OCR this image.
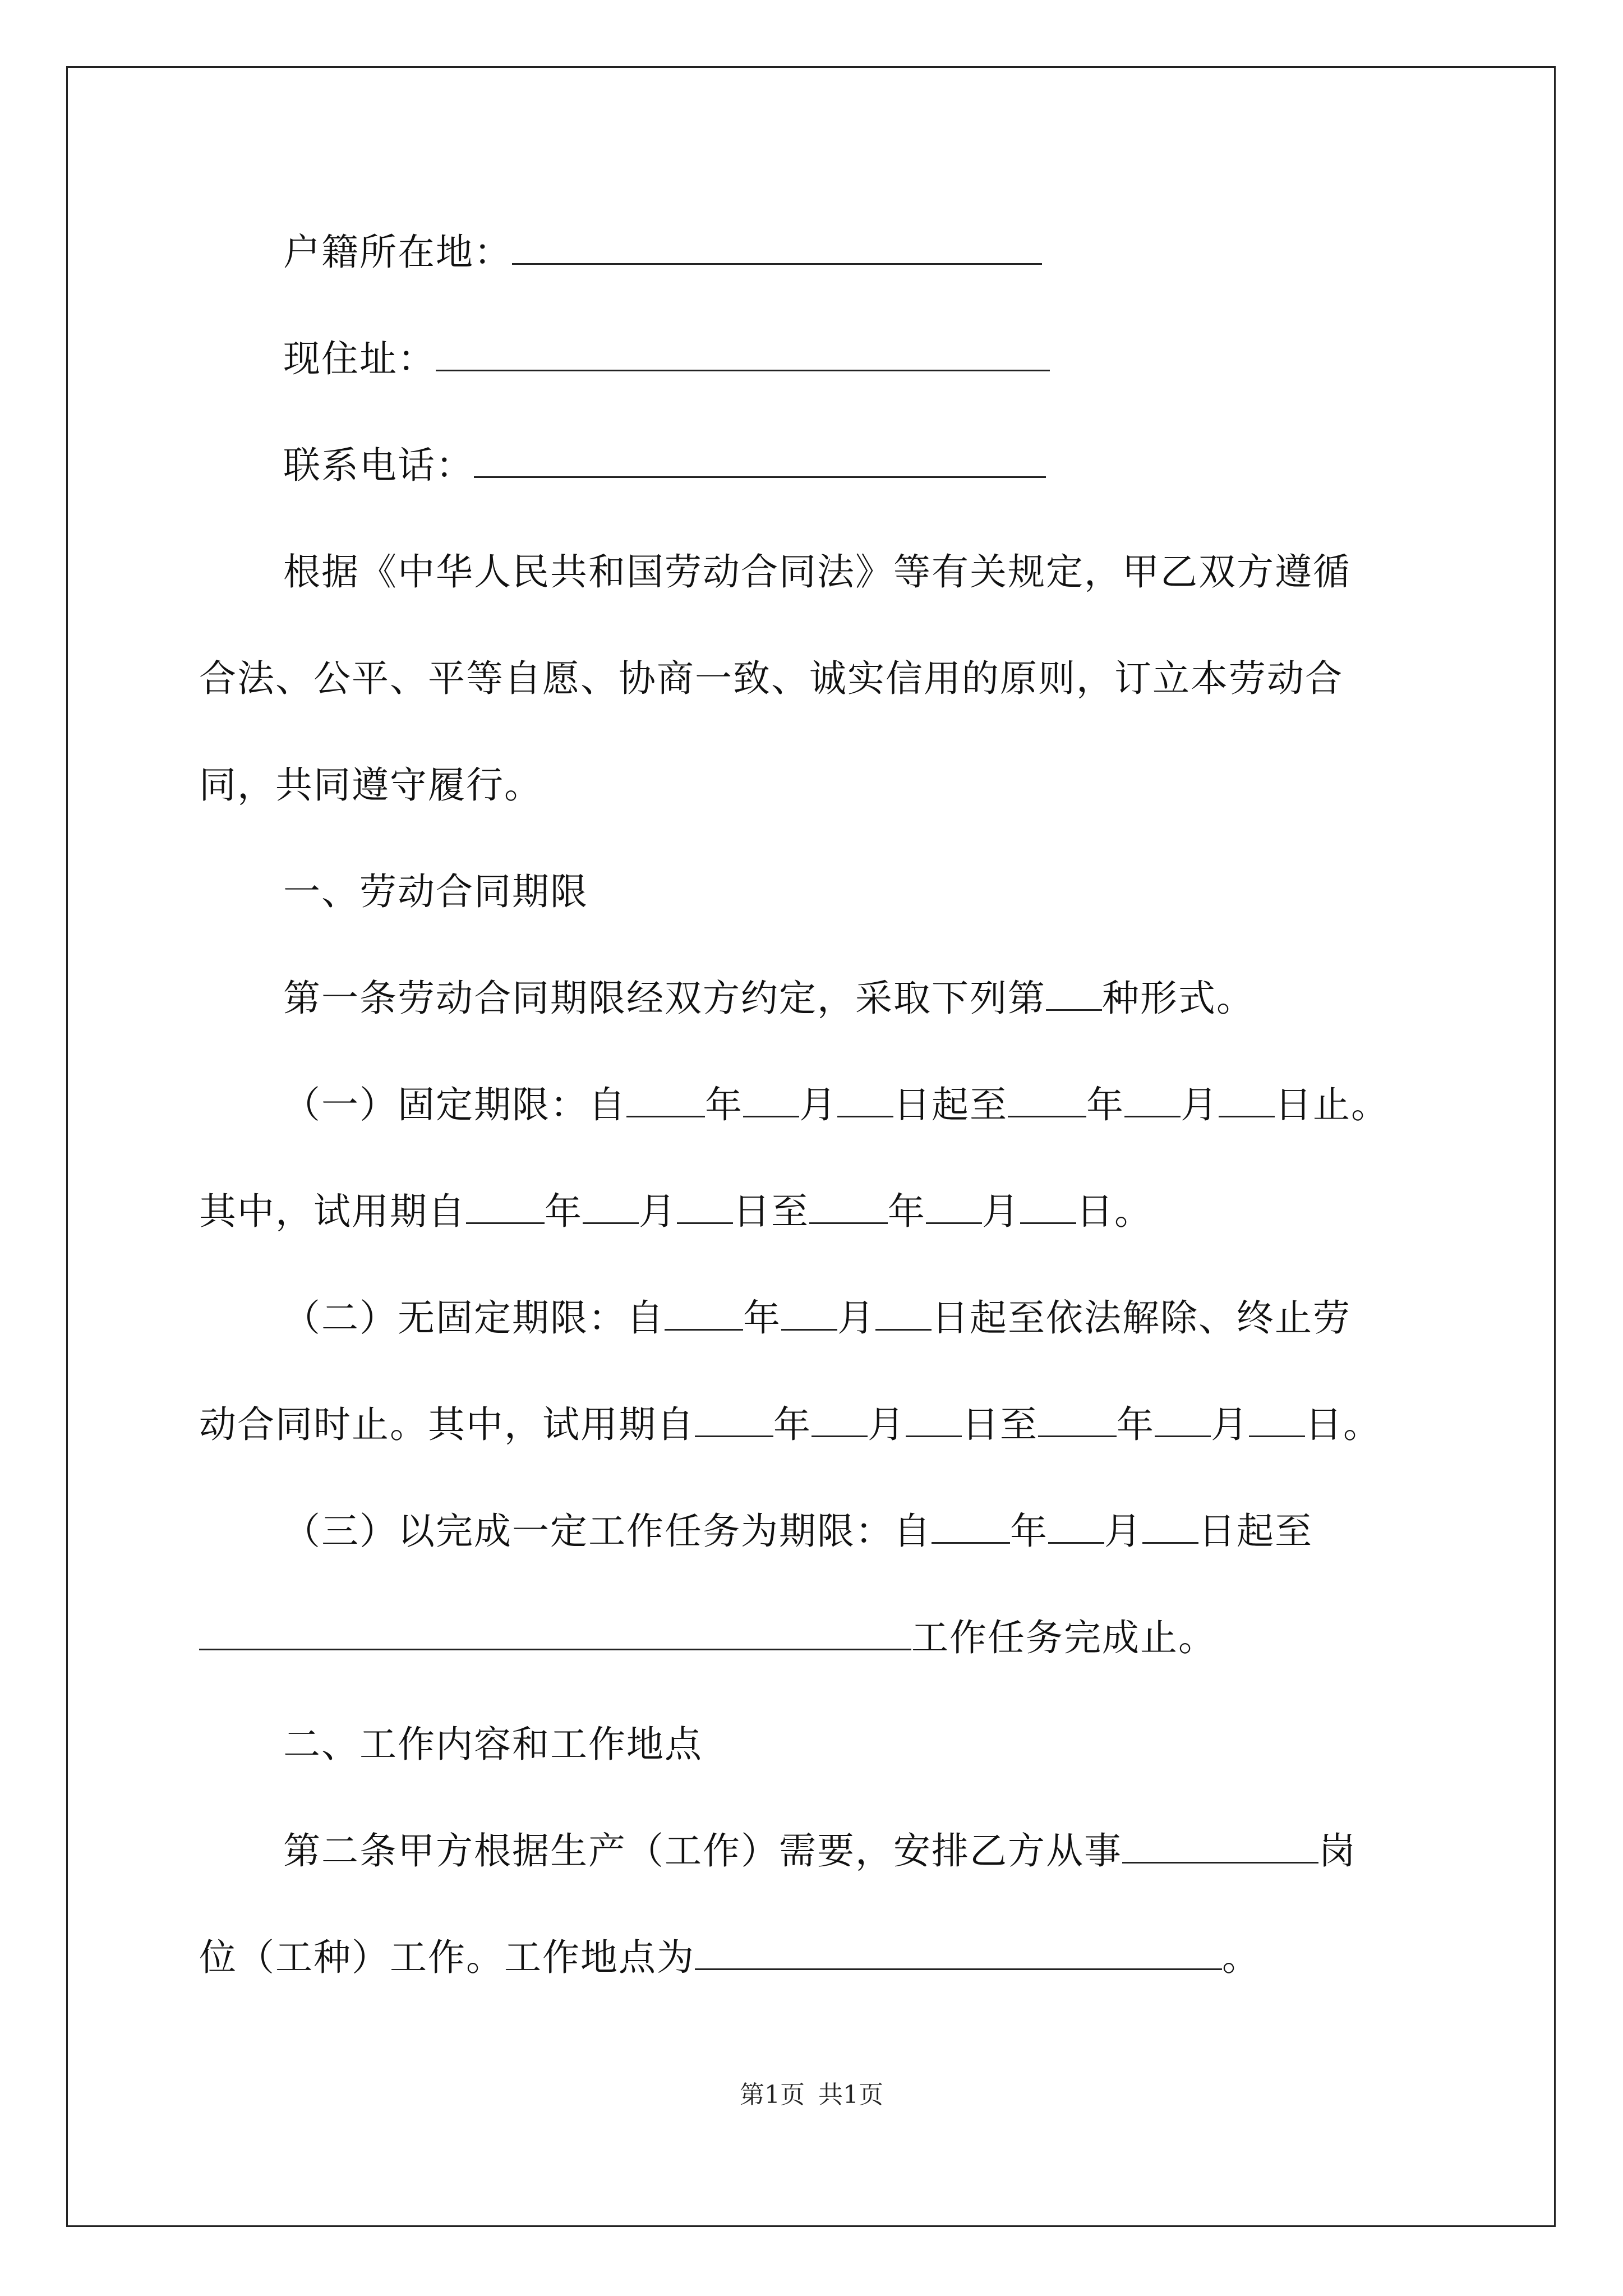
户籍所在地：
现住址：
联系电话：
根据《中华人民共和国劳动合同法》等有关规定，甲乙双方遵循
合法、公平、平等自愿、协商一致、诚实信用的原则，订立本劳动合
同，共同遵守履行。
一、劳动合同期限
第一条劳动合同期限经双方约定，采取下列第 种形式。
（一）固定期限：自 年 月 日起至 年 月 日止。
其中，试用期自 年 月 日至 年 月 日。
（二）无固定期限：自 年 月 日起至依法解除、终止劳
动合同时止。其中，试用期自 年 月 日至 年 月 日。
（三）以完成一定工作任务为期限：自 年 月 日起至
工作任务完成止。
二、工作内容和工作地点
第二条甲方根据生产（工作）需要，安排乙方从事	岗
位（工种）工作。工作地点为	。
第1页 共1页
